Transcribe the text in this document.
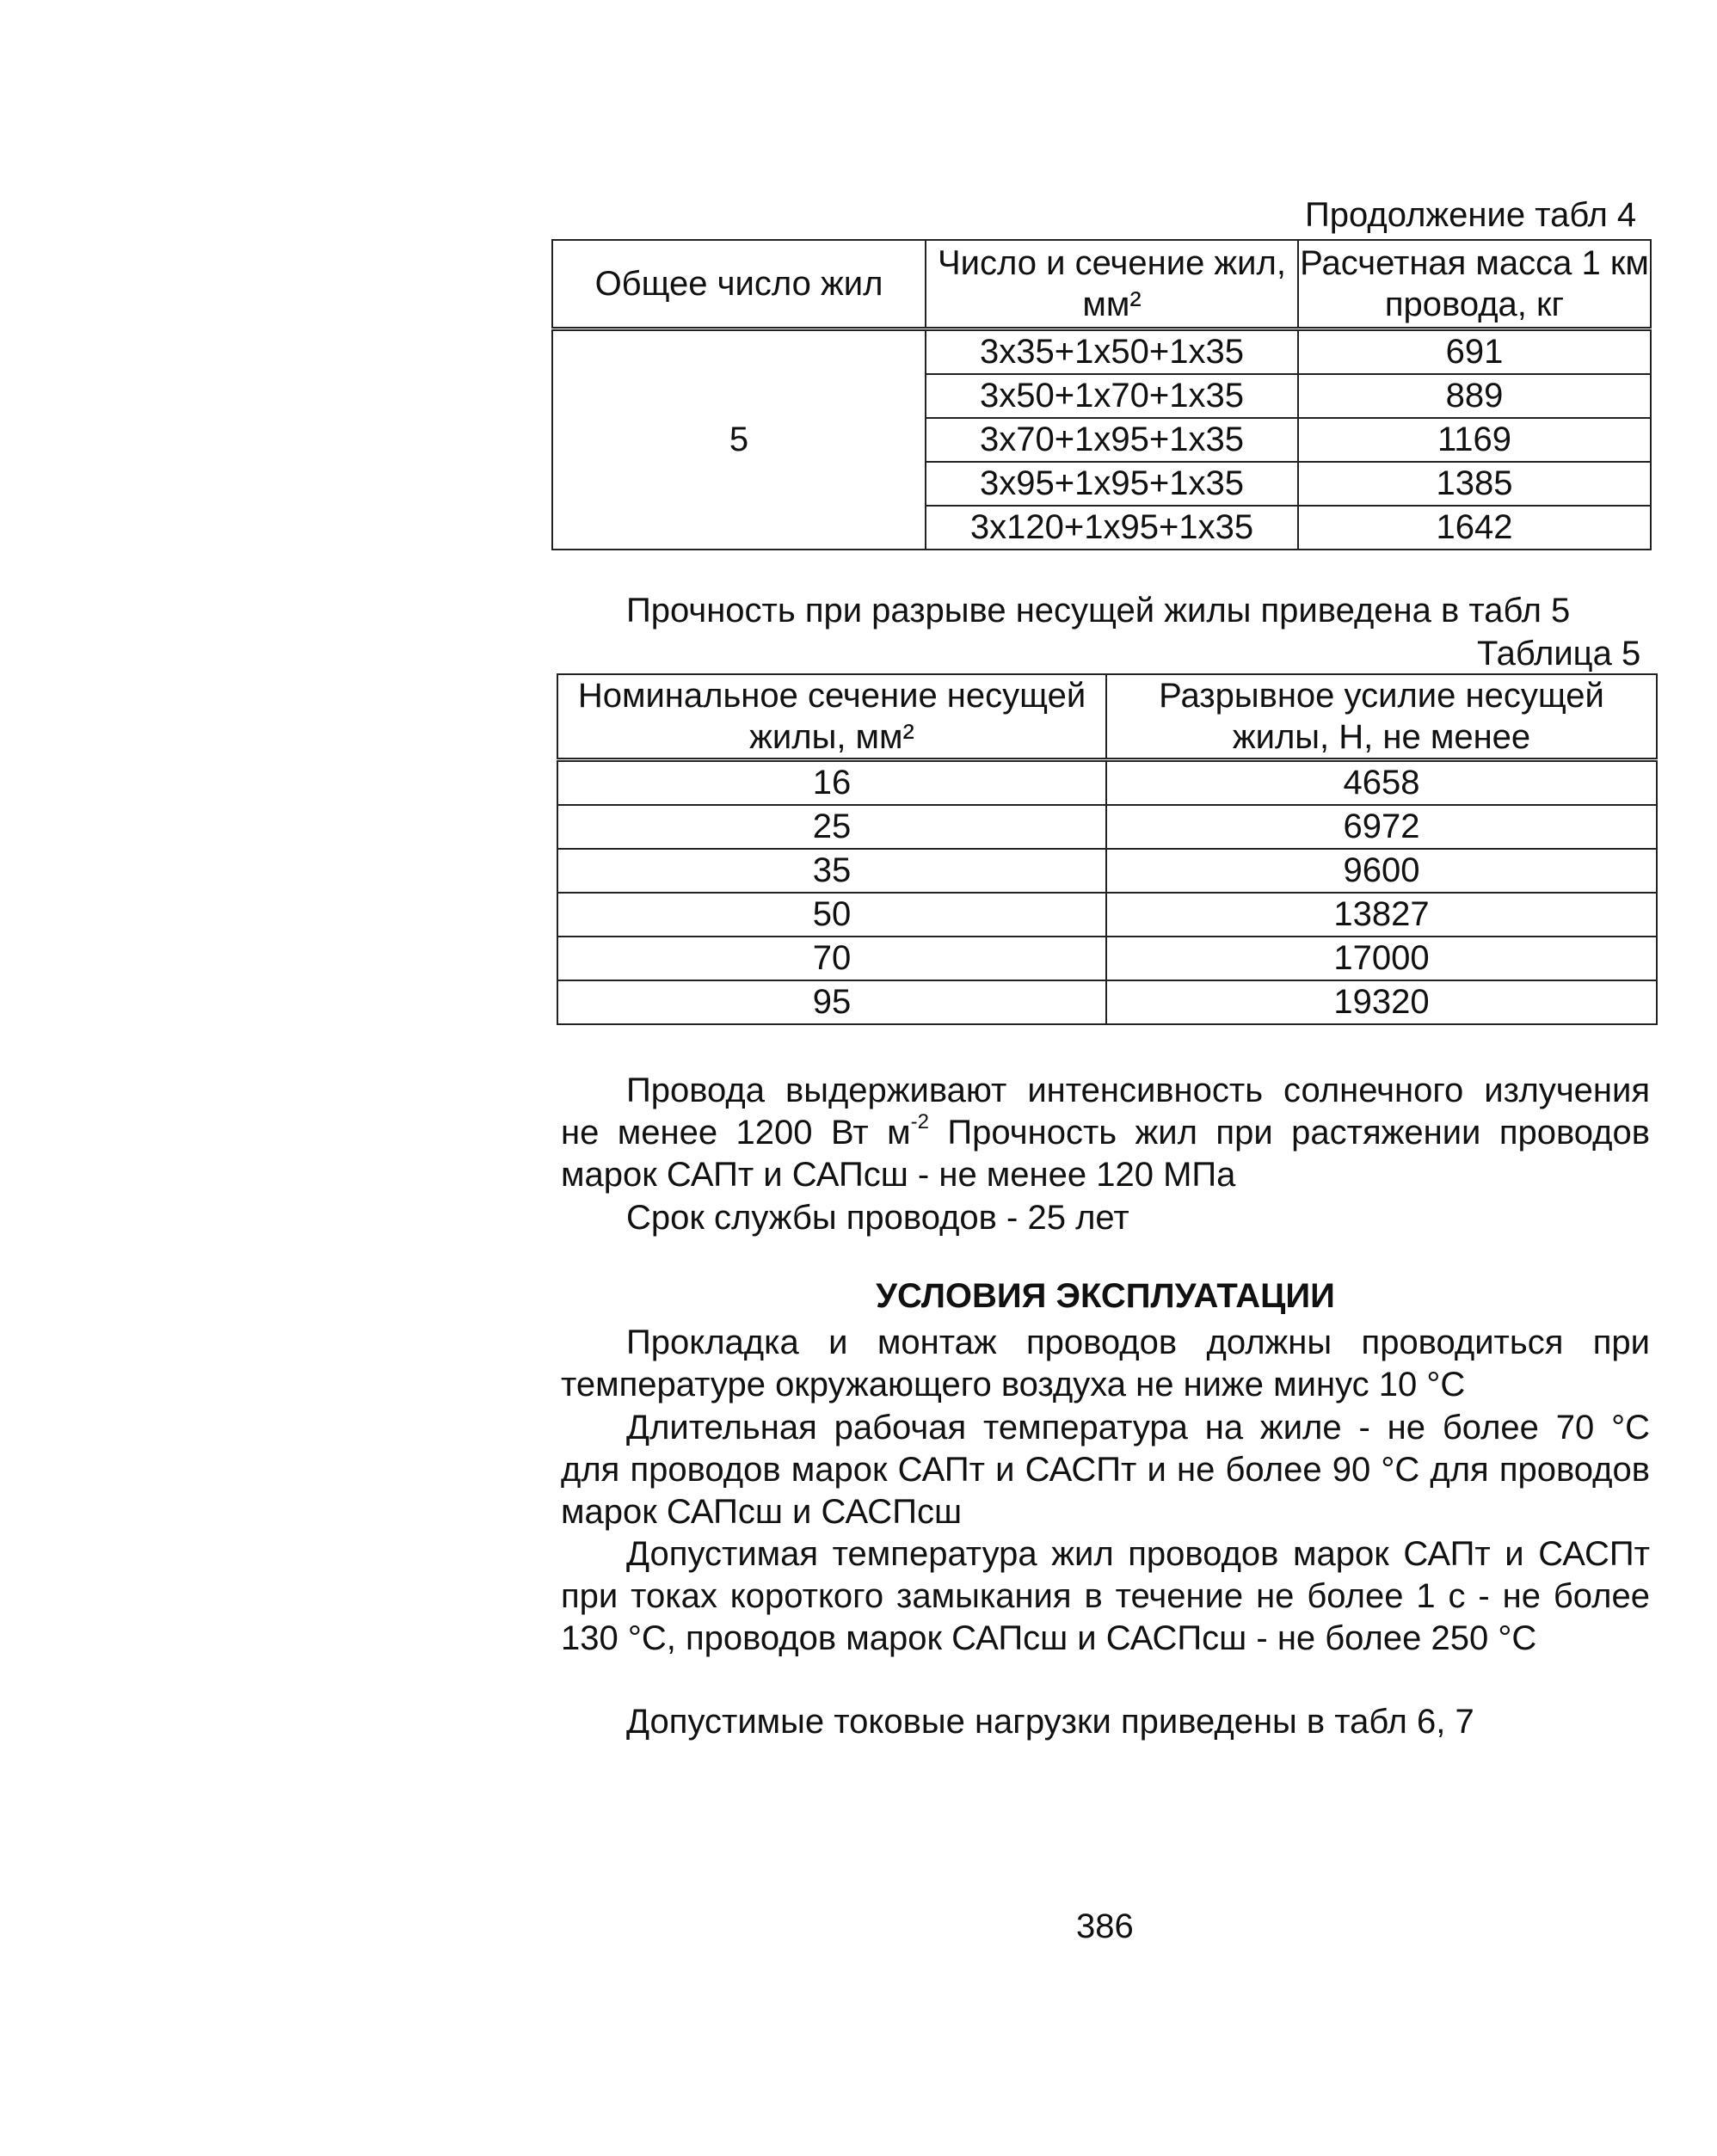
Продолжение табл 4
Общее число жил	Число и сечение жил, мм²	Расчетная масса 1 км провода, кг
5	3x35+1x50+1x35	691
	3x50+1x70+1x35	889
	3x70+1x95+1x35	1169
	3x95+1x95+1x35	1385
	3x120+1x95+1x35	1642
Прочность при разрыве несущей жилы приведена в табл 5
Таблица 5
Номинальное сечение несущей жилы, мм²	Разрывное усилие несущей жилы, Н, не менее
16	4658
25	6972
35	9600
50	13827
70	17000
95	19320
Провода выдерживают интенсивность солнечного излучения не менее 1200 Вт $м^{-2}$ Прочность жил при растяжении проводов марок САПт и САПсш - не менее 120 МПа
Срок службы проводов - 25 лет
УСЛОВИЯ ЭКСПЛУАТАЦИИ
Прокладка и монтаж проводов должны проводиться при температуре окружающего воздуха не ниже минус 10 °С
Длительная рабочая температура на жиле - не более 70 °С для проводов марок САПт и САСПт и не более 90 °С для проводов марок САПсш и САСПсш
Допустимая температура жил проводов марок САПт и САСПт при токах короткого замыкания в течение не более 1 с - не более 130 °С, проводов марок САПсш и САСПсш - не более 250 °С
Допустимые токовые нагрузки приведены в табл 6, 7
386
